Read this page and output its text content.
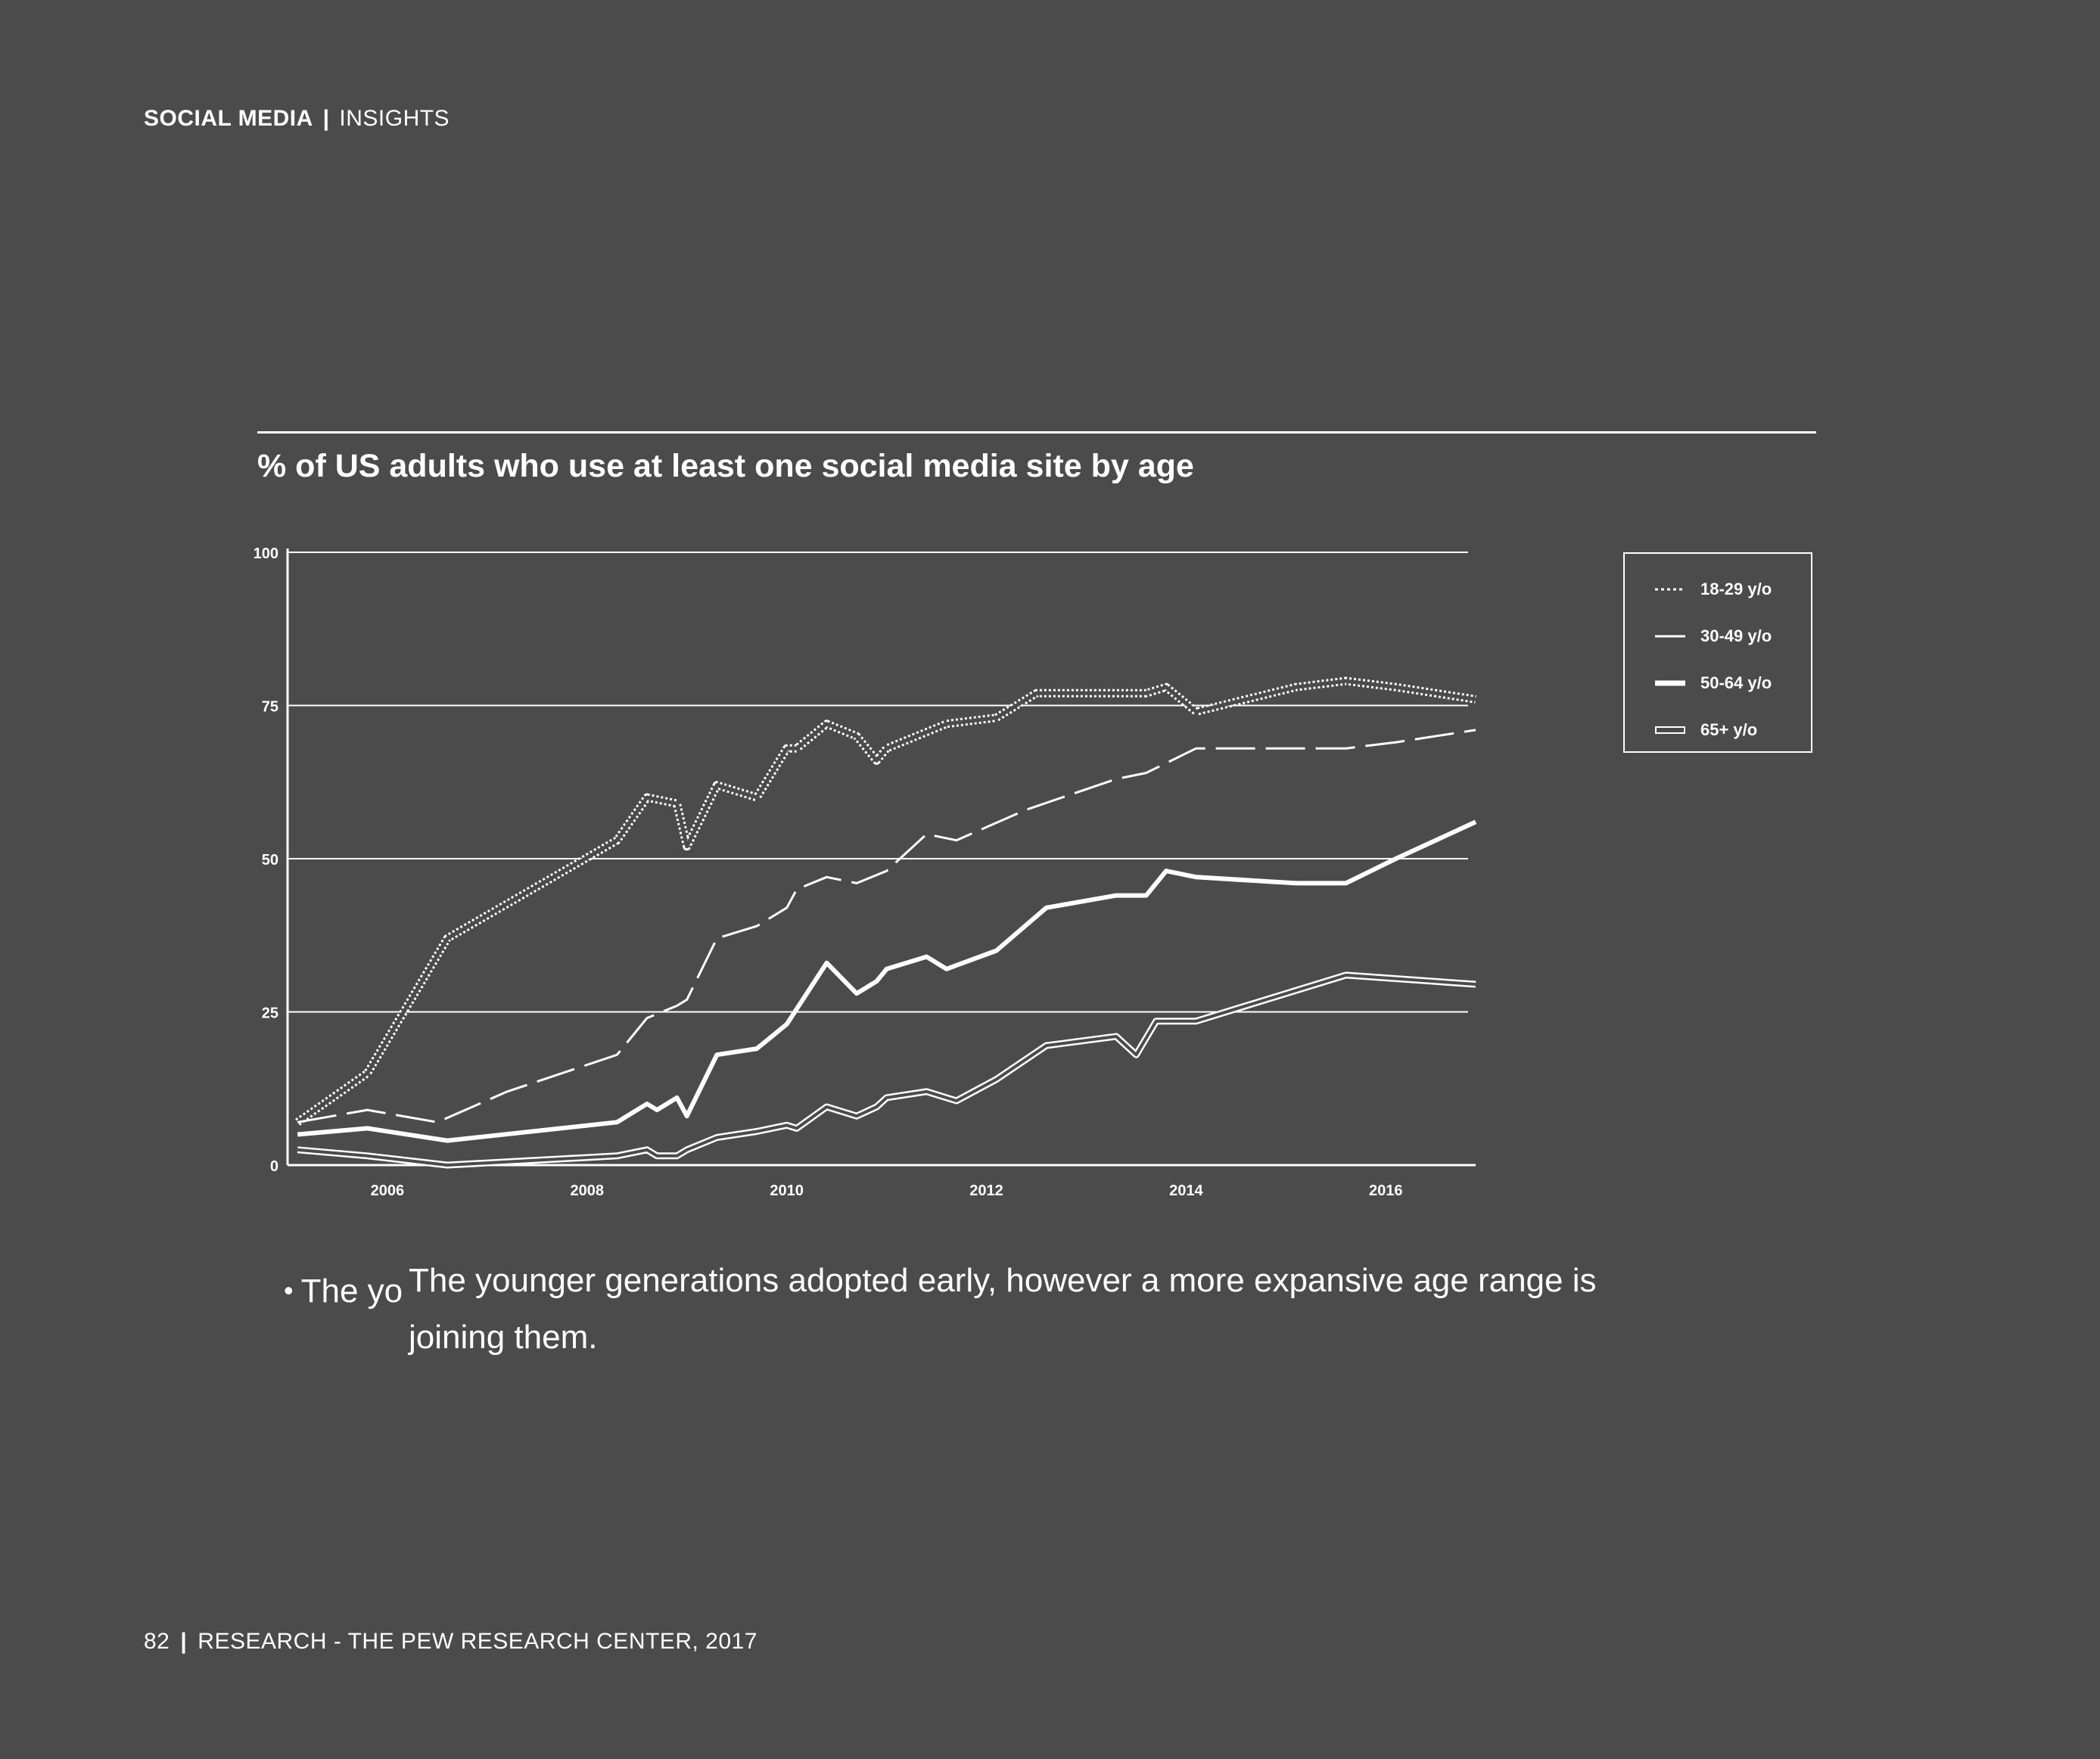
SOCIAL MEDIA | INSIGHTS
% of US adults who use at least one social media site by age
0
25
50
75
100
2006	2008	2010	2012	2014	2016
18-29 y/o
30-49 y/o
50-64 y/o
65+ y/o
• The yo The younger generations adopted early, however a more expansive age range is joining them.
82 | RESEARCH - THE PEW RESEARCH CENTER, 2017
